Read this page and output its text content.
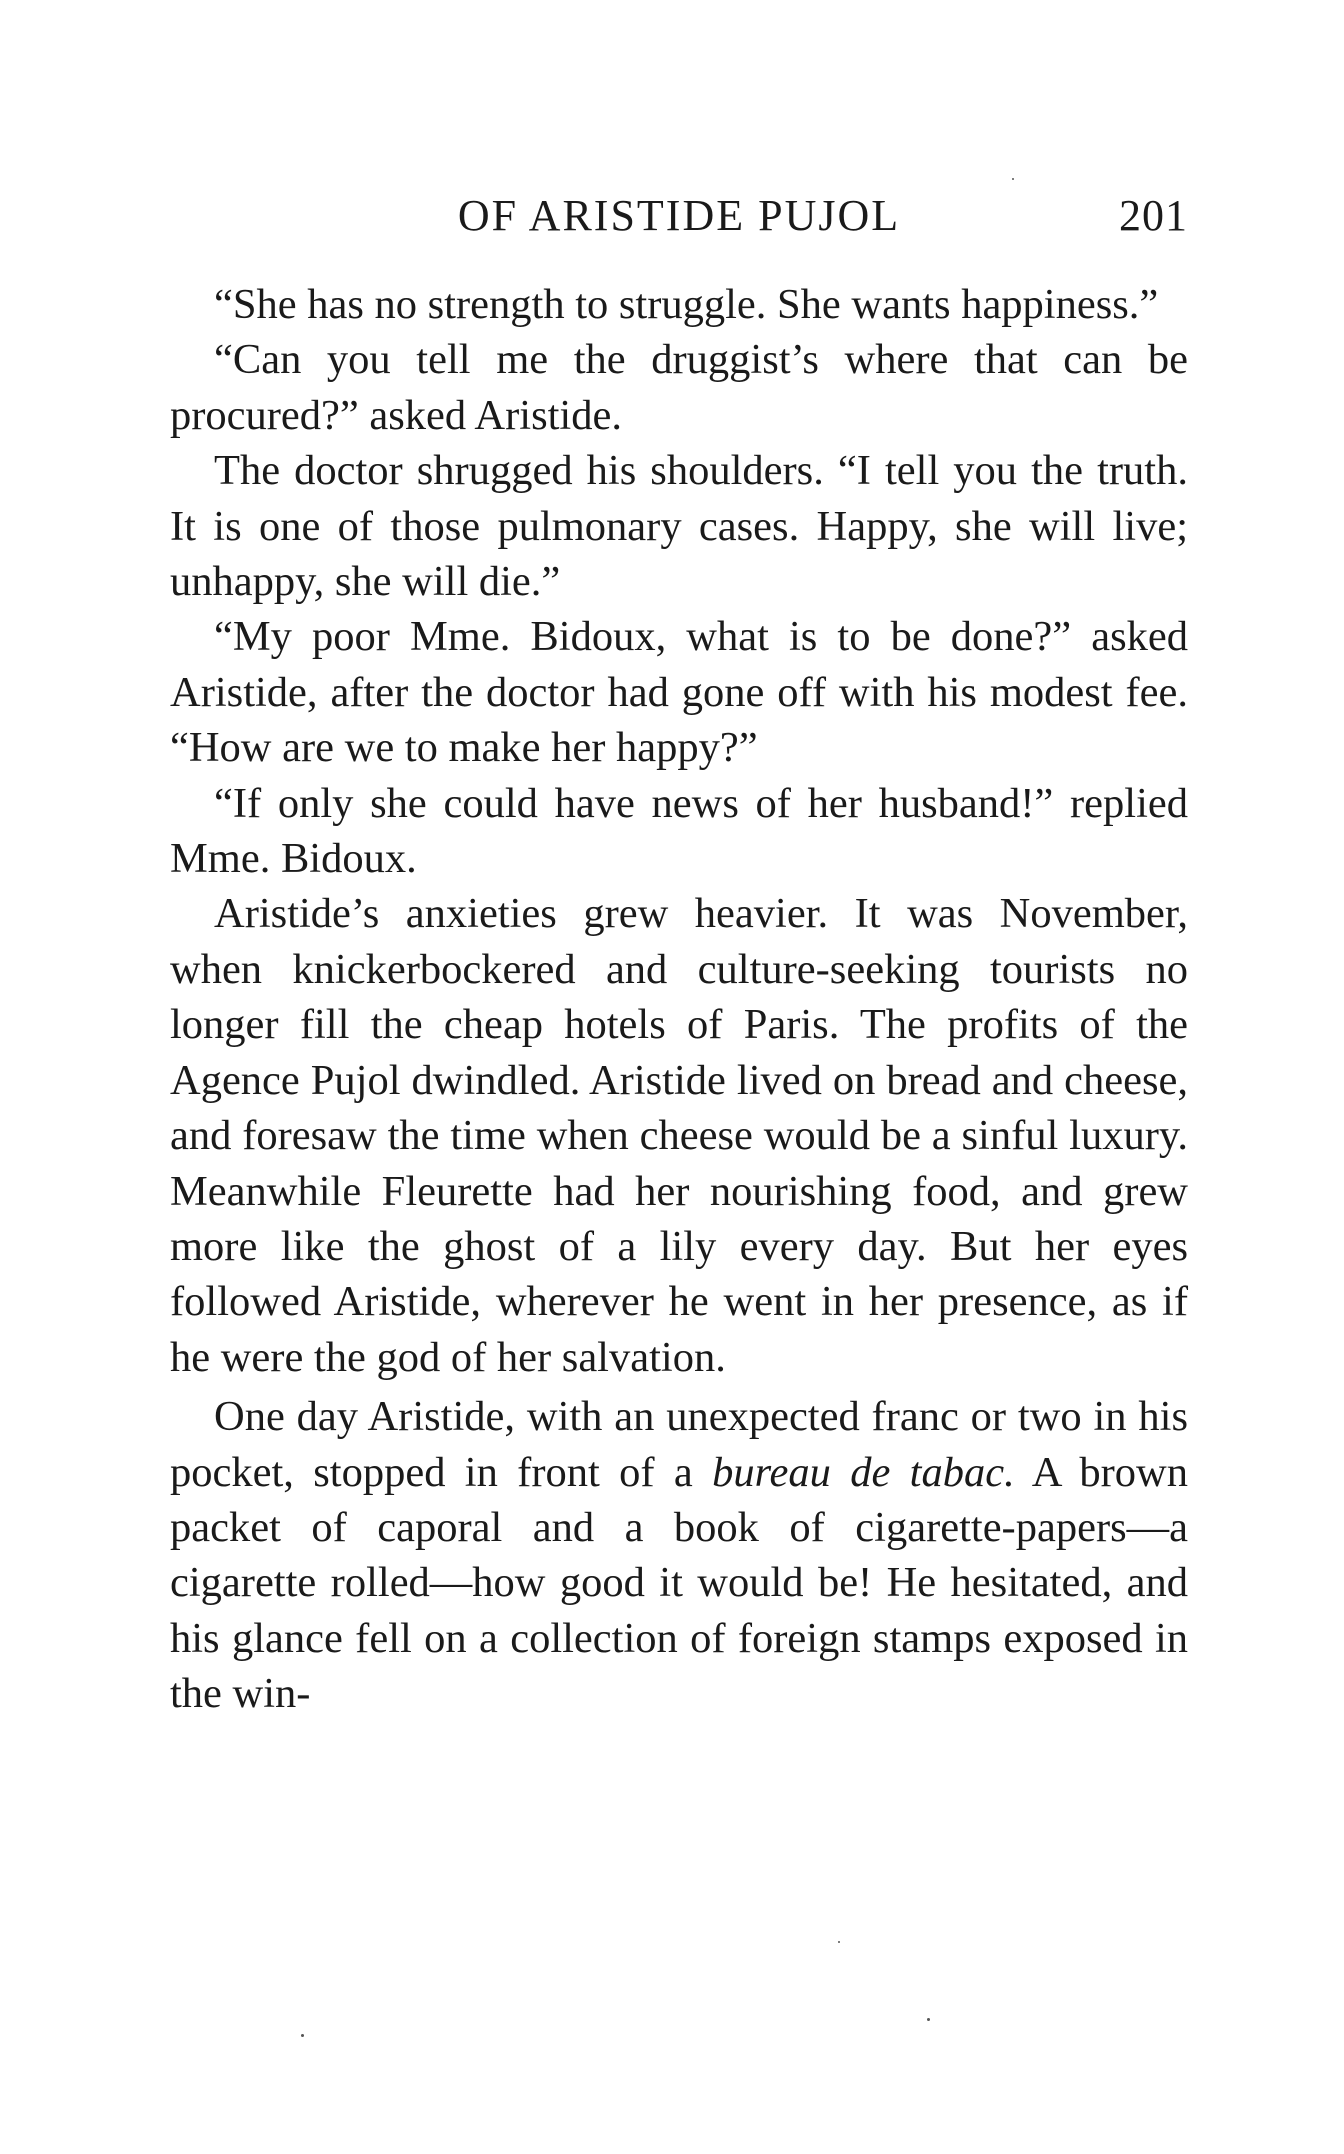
OF ARISTIDE PUJOL	201

“She has no strength to struggle. She wants happiness.”

“Can you tell me the druggist’s where that can be procured?” asked Aristide.

The doctor shrugged his shoulders. “I tell you the truth. It is one of those pulmonary cases. Happy, she will live; unhappy, she will die.”

“My poor Mme. Bidoux, what is to be done?” asked Aristide, after the doctor had gone off with his modest fee. “How are we to make her happy?”

“If only she could have news of her husband!” replied Mme. Bidoux.

Aristide’s anxieties grew heavier. It was November, when knickerbockered and culture-seeking tourists no longer fill the cheap hotels of Paris. The profits of the Agence Pujol dwindled. Aristide lived on bread and cheese, and foresaw the time when cheese would be a sinful luxury. Meanwhile Fleurette had her nourishing food, and grew more like the ghost of a lily every day. But her eyes followed Aristide, wherever he went in her presence, as if he were the god of her salvation.

One day Aristide, with an unexpected franc or two in his pocket, stopped in front of a bureau de tabac. A brown packet of caporal and a book of cigarette-papers—a cigarette rolled—how good it would be! He hesitated, and his glance fell on a collection of foreign stamps exposed in the win-
